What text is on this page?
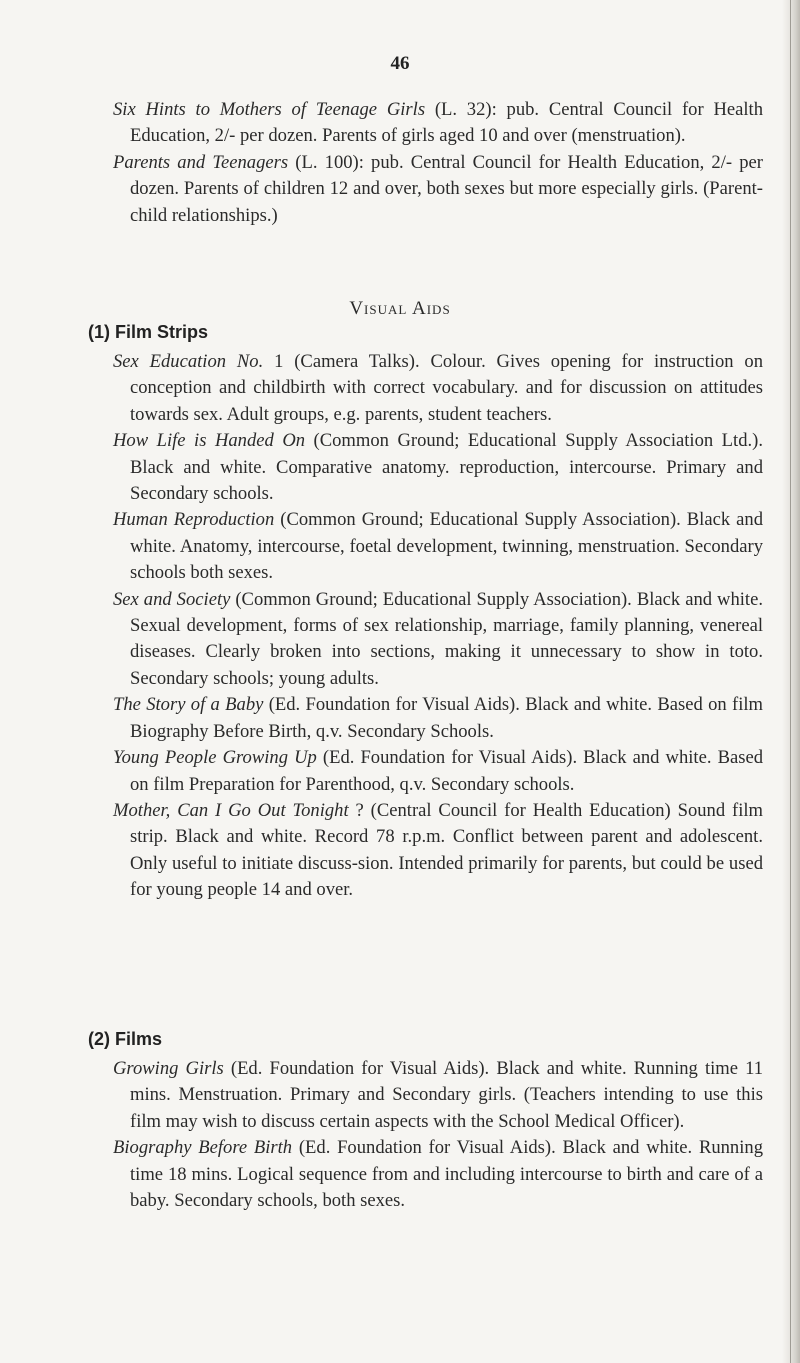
46

Six Hints to Mothers of Teenage Girls (L. 32): pub. Central Council for Health Education, 2/- per dozen. Parents of girls aged 10 and over (menstruation).

Parents and Teenagers (L. 100): pub. Central Council for Health Education, 2/- per dozen. Parents of children 12 and over, both sexes but more especially girls. (Parent-child relationships.)

Visual Aids
(1) Film Strips

Sex Education No. 1 (Camera Talks). Colour. Gives opening for instruction on conception and childbirth with correct vocabulary. and for discussion on attitudes towards sex. Adult groups, e.g. parents, student teachers.

How Life is Handed On (Common Ground; Educational Supply Association Ltd.). Black and white. Comparative anatomy. reproduction, intercourse. Primary and Secondary schools.

Human Reproduction (Common Ground; Educational Supply Association). Black and white. Anatomy, intercourse, foetal development, twinning, menstruation. Secondary schools both sexes.

Sex and Society (Common Ground; Educational Supply Association). Black and white. Sexual development, forms of sex relationship, marriage, family planning, venereal diseases. Clearly broken into sections, making it unnecessary to show in toto. Secondary schools; young adults.

The Story of a Baby (Ed. Foundation for Visual Aids). Black and white. Based on film Biography Before Birth, q.v. Secondary Schools.

Young People Growing Up (Ed. Foundation for Visual Aids). Black and white. Based on film Preparation for Parenthood, q.v. Secondary schools.

Mother, Can I Go Out Tonight ? (Central Council for Health Education) Sound film strip. Black and white. Record 78 r.p.m. Conflict between parent and adolescent. Only useful to initiate discuss-sion. Intended primarily for parents, but could be used for young people 14 and over.

(2) Films

Growing Girls (Ed. Foundation for Visual Aids). Black and white. Running time 11 mins. Menstruation. Primary and Secondary girls. (Teachers intending to use this film may wish to discuss certain aspects with the School Medical Officer).

Biography Before Birth (Ed. Foundation for Visual Aids). Black and white. Running time 18 mins. Logical sequence from and including intercourse to birth and care of a baby. Secondary schools, both sexes.
